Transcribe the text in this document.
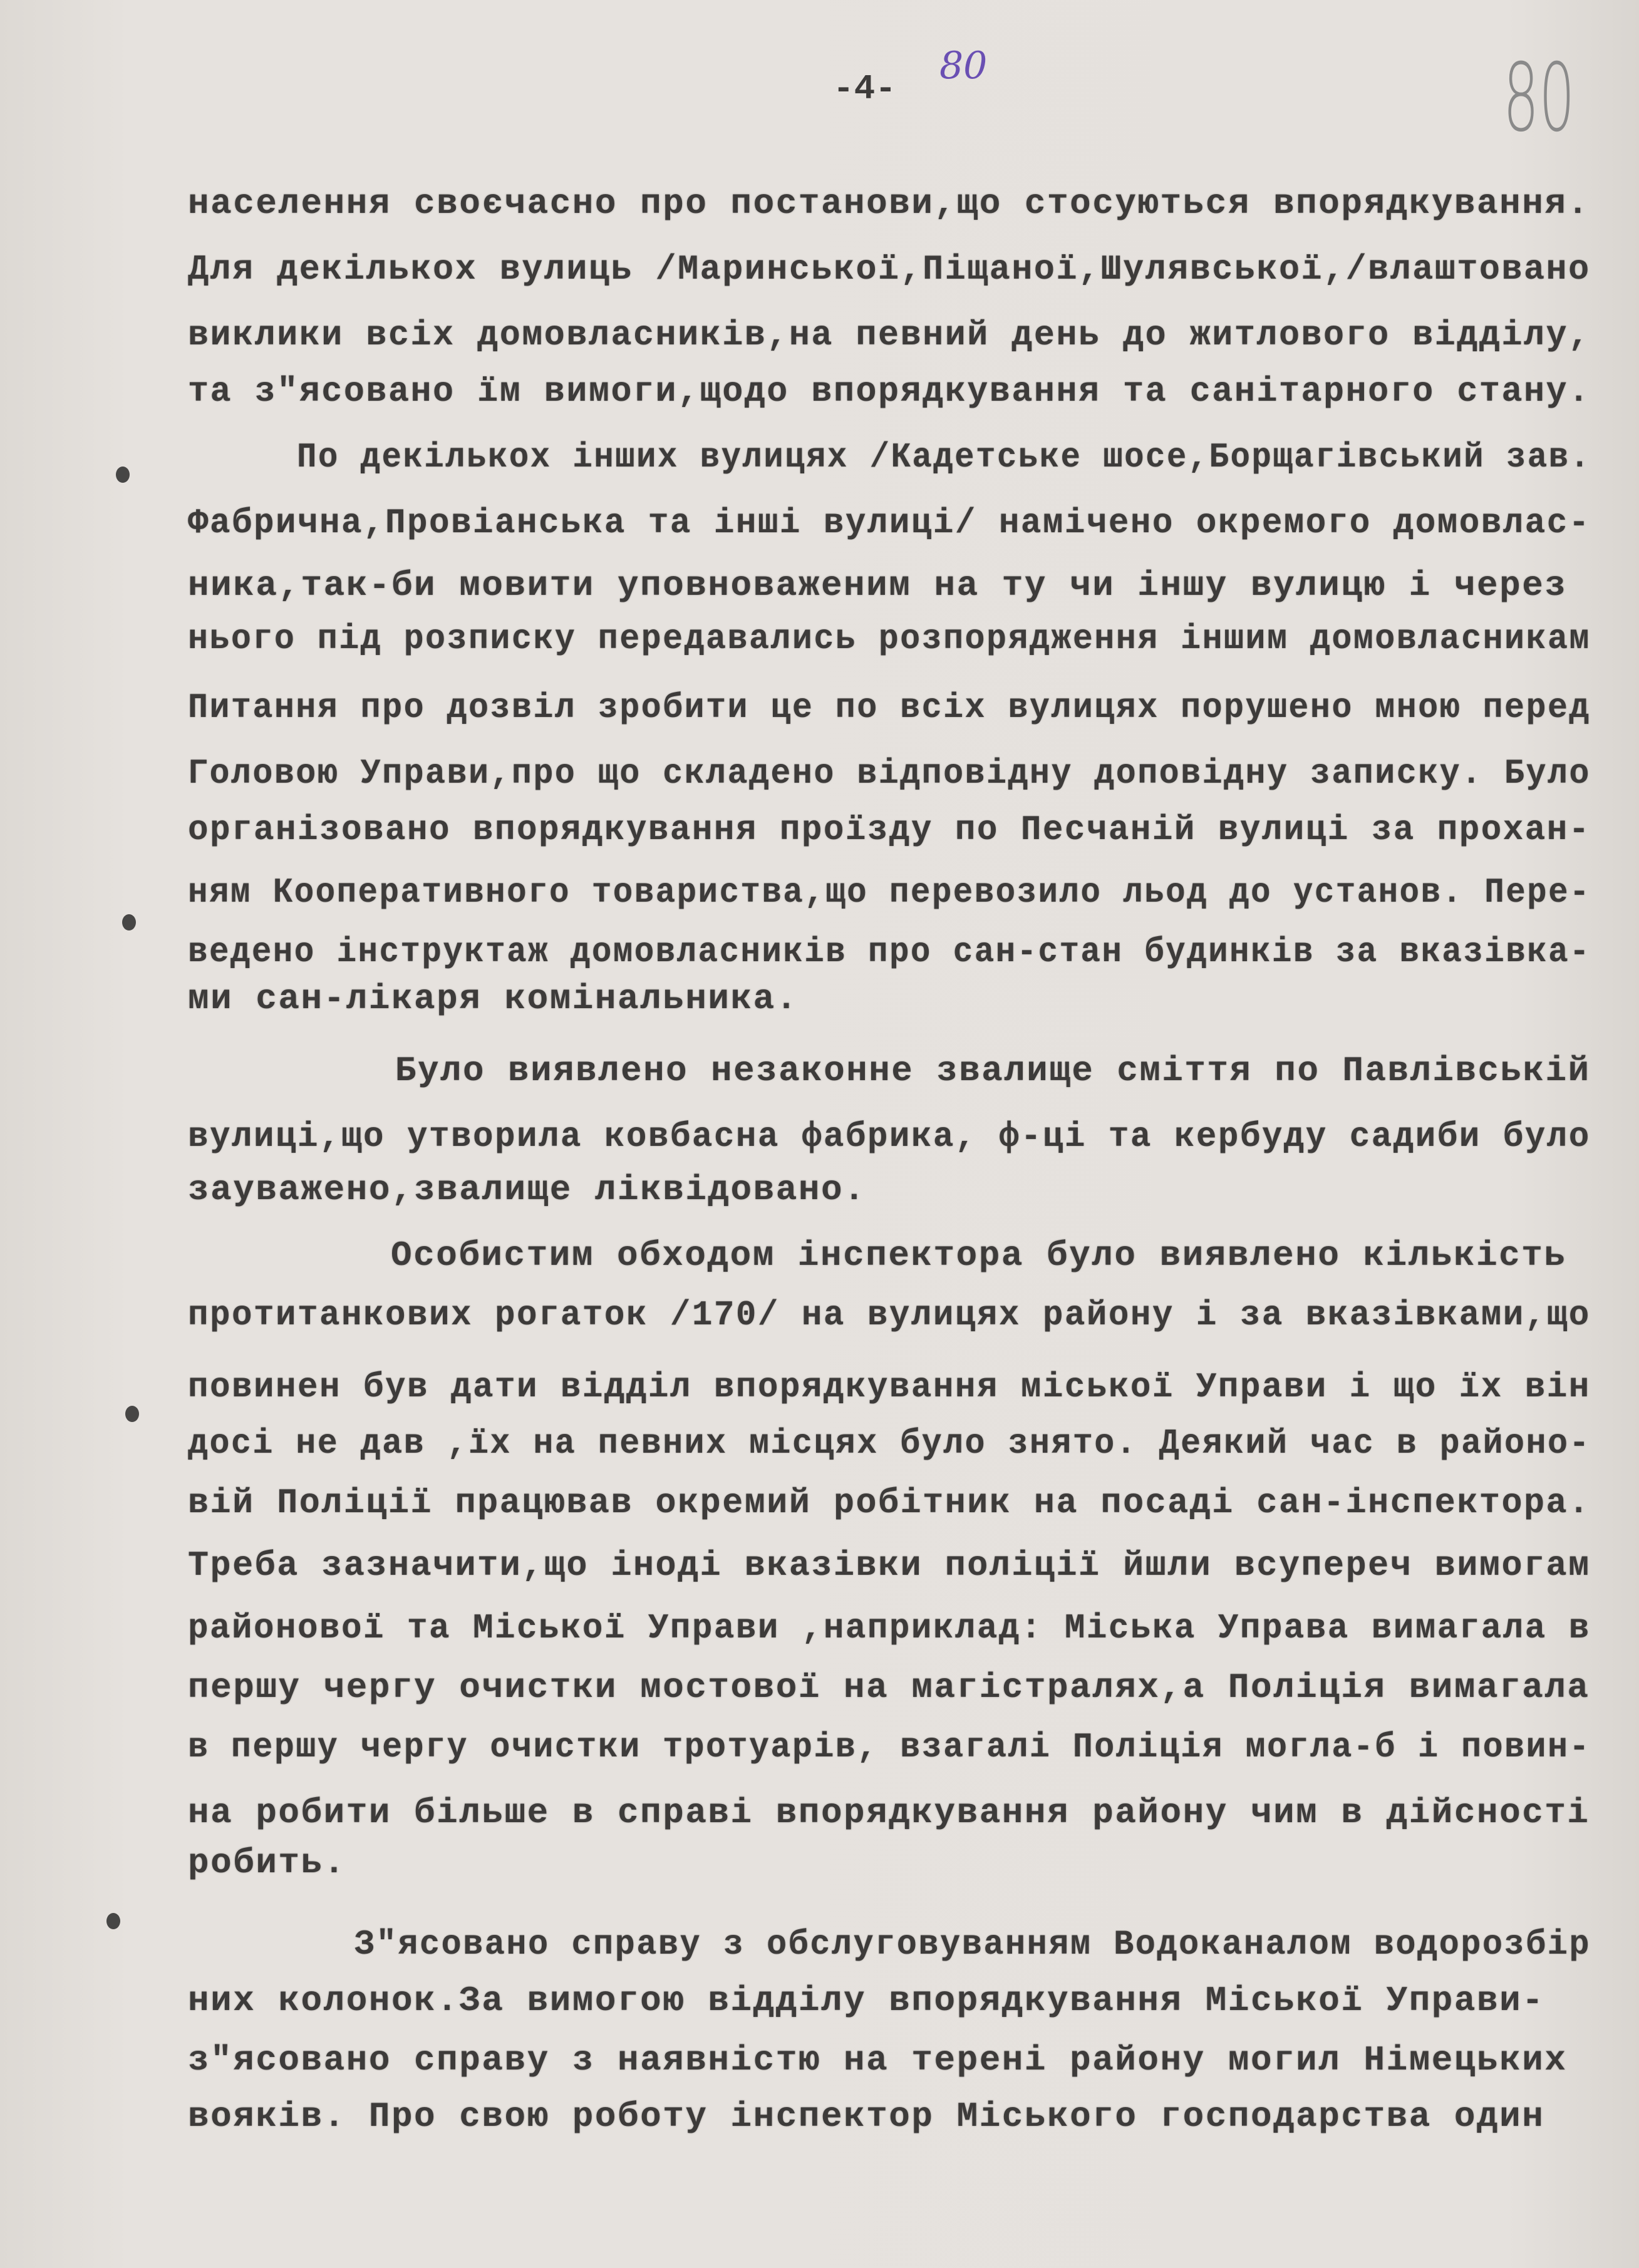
80	80
-4-
населення своєчасно про постанови,що стосуються впорядкування.
Для декількох вулиць /Маринської,Піщаної,Шулявської,/влаштовано
виклики всіх домовласників,на певний день до житлового відділу,
та з"ясовано їм вимоги,щодо впорядкування та санітарного стану.
По декількох інших вулицях /Кадетське шосе,Борщагівський зав.
Фабрична,Провіанська та інші вулиці/ намічено окремого домовлас-
ника,так-би мовити уповноваженим на ту чи іншу вулицю і через
нього під розписку передавались розпорядження іншим домовласникам
Питання про дозвіл зробити це по всіх вулицях порушено мною перед
Головою Управи,про що складено відповідну доповідну записку. Було
організовано впорядкування проїзду по Песчаній вулиці за прохан-
ням Кооперативного товариства,що перевозило льод до установ. Пере-
ведено інструктаж домовласників про сан-стан будинків за вказівка-
ми сан-лікаря комінальника.
Було виявлено незаконне звалище сміття по Павлівській
вулиці,що утворила ковбасна фабрика, ф-ці та кербуду садиби було
зауважено,звалище ліквідовано.
Особистим обходом інспектора було виявлено кількість
протитанкових рогаток /170/ на вулицях району і за вказівками,що
повинен був дати відділ впорядкування міської Управи і що їх він
досі не дав ,їх на певних місцях було знято. Деякий час в районо-
вій Поліції працював окремий робітник на посаді сан-інспектора.
Треба зазначити,що іноді вказівки поліції йшли всупереч вимогам
районової та Міської Управи ,наприклад: Міська Управа вимагала в
першу чергу очистки мостової на магістралях,а Поліція вимагала
в першу чергу очистки тротуарів, взагалі Поліція могла-б і повин-
на робити більше в справі впорядкування району чим в дійсності
робить.
З"ясовано справу з обслуговуванням Водоканалом водорозбір
них колонок.За вимогою відділу впорядкування Міської Управи-
з"ясовано справу з наявністю на терені району могил Німецьких
вояків. Про свою роботу інспектор Міського господарства один
